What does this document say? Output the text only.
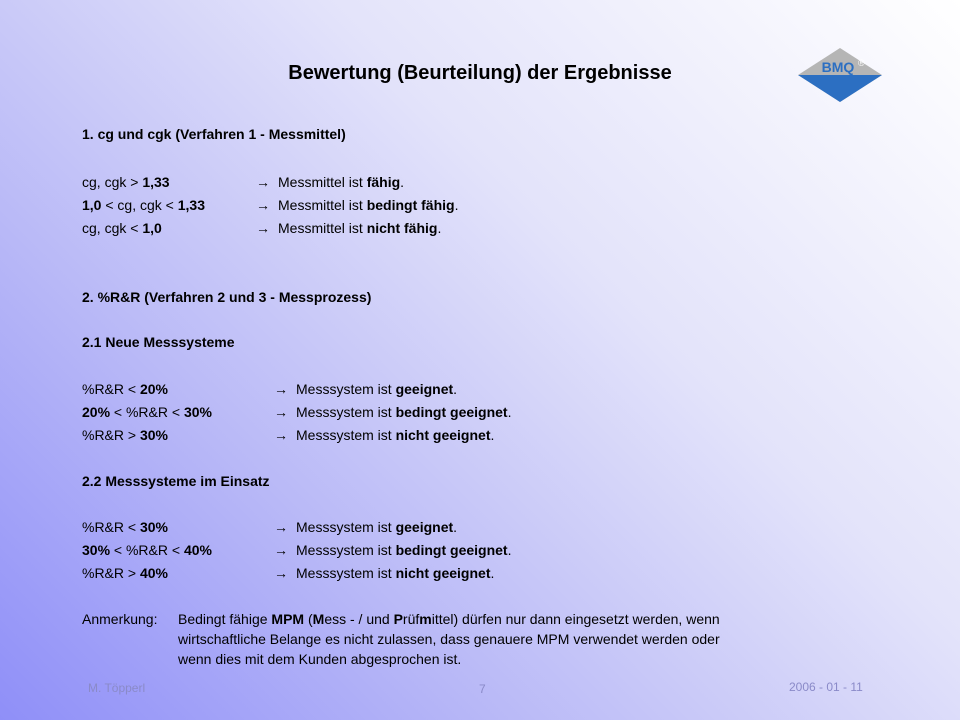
Bewertung (Beurteilung) der Ergebnisse	BMQ ®
1. cg und cgk (Verfahren 1 - Messmittel)
cg, cgk > 1,33	→ Messmittel ist fähig.
1,0 < cg, cgk < 1,33	→ Messmittel ist bedingt fähig.
cg, cgk < 1,0	→ Messmittel ist nicht fähig.
2. %R&R (Verfahren 2 und 3 - Messprozess)
2.1 Neue Messsysteme
%R&R < 20%	→ Messsystem ist geeignet.
20% < %R&R < 30%	→ Messsystem ist bedingt geeignet.
%R&R > 30%	→ Messsystem ist nicht geeignet.
2.2 Messsysteme im Einsatz
%R&R < 30%	→ Messsystem ist geeignet.
30% < %R&R < 40%	→ Messsystem ist bedingt geeignet.
%R&R > 40%	→ Messsystem ist nicht geeignet.
Anmerkung: Bedingt fähige MPM (Mess - / und Prüfmittel) dürfen nur dann eingesetzt werden, wenn
wirtschaftliche Belange es nicht zulassen, dass genauere MPM verwendet werden oder
wenn dies mit dem Kunden abgesprochen ist.
M. Töpperl	7	2006 - 01 - 11
